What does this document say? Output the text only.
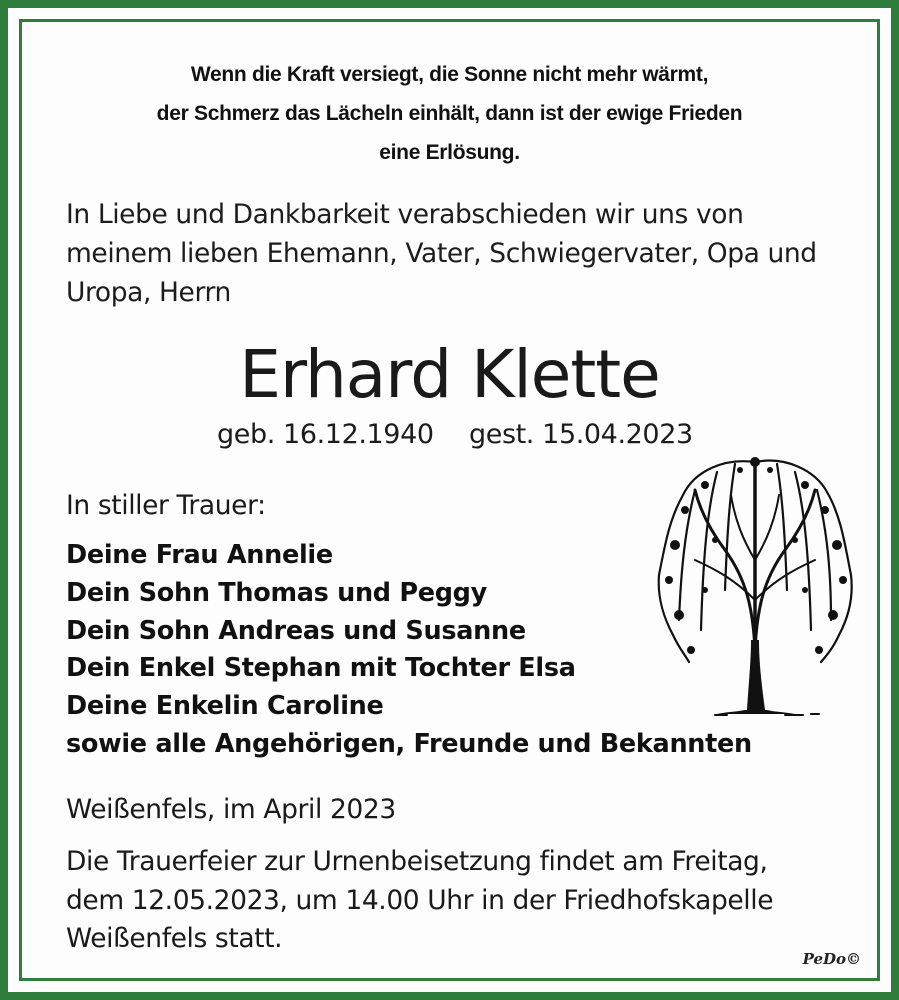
Wenn die Kraft versiegt, die Sonne nicht mehr wärmt,
der Schmerz das Lächeln einhält, dann ist der ewige Frieden
eine Erlösung.
In Liebe und Dankbarkeit verabschieden wir uns von
meinem lieben Ehemann, Vater, Schwiegervater, Opa und
Uropa, Herrn
Erhard Klette
geb. 16.12.1940 gest. 15.04.2023
In stiller Trauer:
Deine Frau Annelie
Dein Sohn Thomas und Peggy
Dein Sohn Andreas und Susanne
Dein Enkel Stephan mit Tochter Elsa
Deine Enkelin Caroline
sowie alle Angehörigen, Freunde und Bekannten
Weißenfels, im April 2023
Die Trauerfeier zur Urnenbeisetzung findet am Freitag,
dem 12.05.2023, um 14.00 Uhr in der Friedhofskapelle
Weißenfels statt.
PeDo©
